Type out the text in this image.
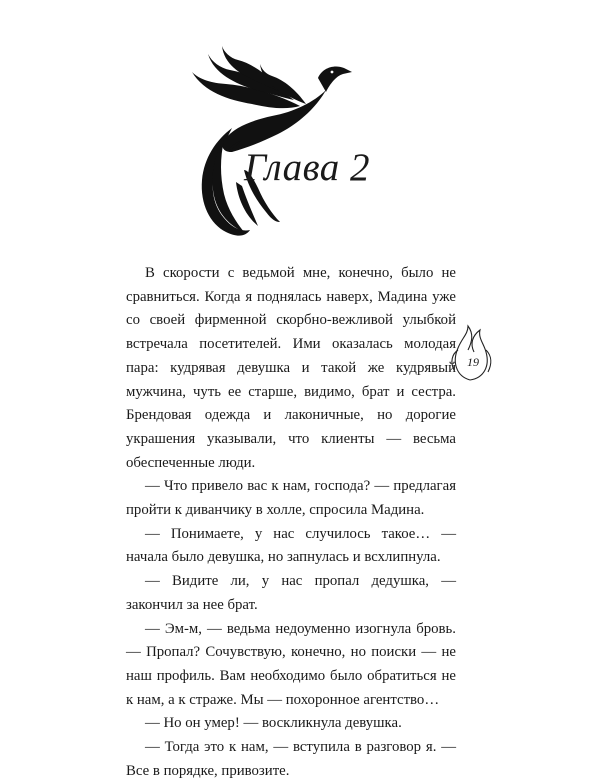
Глава 2

В скорости с ведьмой мне, конечно, было не сравниться. Когда я поднялась наверх, Мадина уже со своей фирменной скорбно-вежливой улыбкой встречала посетителей. Ими оказалась молодая пара: кудрявая девушка и такой же кудрявый мужчина, чуть ее старше, видимо, брат и сестра. Брендовая одежда и лаконичные, но дорогие украшения указывали, что клиенты — весьма обеспеченные люди.

— Что привело вас к нам, господа? — предлагая пройти к диванчику в холле, спросила Мадина.

— Понимаете, у нас случилось такое… — начала было девушка, но запнулась и всхлипнула.

— Видите ли, у нас пропал дедушка, — закончил за нее брат.

— Эм-м, — ведьма недоуменно изогнула бровь. — Пропал? Сочувствую, конечно, но поиски — не наш профиль. Вам необходимо было обратиться не к нам, а к страже. Мы — похоронное агентство…

— Но он умер! — воскликнула девушка.

— Тогда это к нам, — вступила в разговор я. — Все в порядке, привозите.

19
